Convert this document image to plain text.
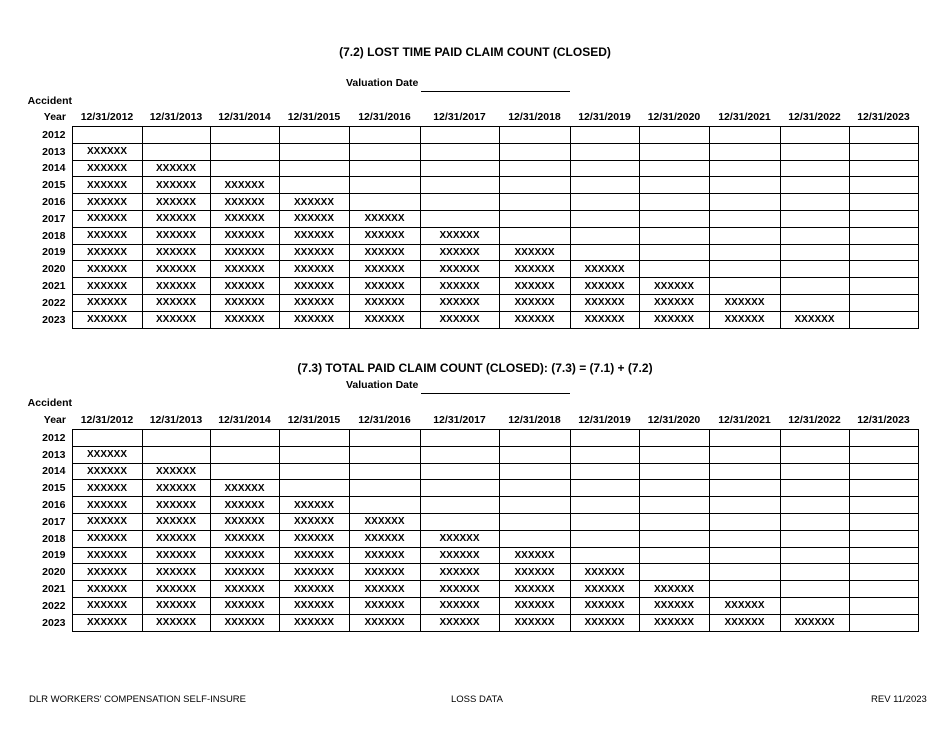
(7.2) LOST TIME PAID CLAIM COUNT (CLOSED)
Valuation Date
Accident
Year	12/31/2012	12/31/2013	12/31/2014	12/31/2015	12/31/2016	12/31/2017	12/31/2018	12/31/2019	12/31/2020	12/31/2021	12/31/2022	12/31/2023
2012												
2013	XXXXXX											
2014	XXXXXX	XXXXXX										
2015	XXXXXX	XXXXXX	XXXXXX									
2016	XXXXXX	XXXXXX	XXXXXX	XXXXXX								
2017	XXXXXX	XXXXXX	XXXXXX	XXXXXX	XXXXXX							
2018	XXXXXX	XXXXXX	XXXXXX	XXXXXX	XXXXXX	XXXXXX						
2019	XXXXXX	XXXXXX	XXXXXX	XXXXXX	XXXXXX	XXXXXX	XXXXXX					
2020	XXXXXX	XXXXXX	XXXXXX	XXXXXX	XXXXXX	XXXXXX	XXXXXX	XXXXXX				
2021	XXXXXX	XXXXXX	XXXXXX	XXXXXX	XXXXXX	XXXXXX	XXXXXX	XXXXXX	XXXXXX			
2022	XXXXXX	XXXXXX	XXXXXX	XXXXXX	XXXXXX	XXXXXX	XXXXXX	XXXXXX	XXXXXX	XXXXXX		
2023	XXXXXX	XXXXXX	XXXXXX	XXXXXX	XXXXXX	XXXXXX	XXXXXX	XXXXXX	XXXXXX	XXXXXX	XXXXXX	
(7.3) TOTAL PAID CLAIM COUNT (CLOSED): (7.3) = (7.1) + (7.2)
Valuation Date
Accident
Year	12/31/2012	12/31/2013	12/31/2014	12/31/2015	12/31/2016	12/31/2017	12/31/2018	12/31/2019	12/31/2020	12/31/2021	12/31/2022	12/31/2023
2012												
2013	XXXXXX											
2014	XXXXXX	XXXXXX										
2015	XXXXXX	XXXXXX	XXXXXX									
2016	XXXXXX	XXXXXX	XXXXXX	XXXXXX								
2017	XXXXXX	XXXXXX	XXXXXX	XXXXXX	XXXXXX							
2018	XXXXXX	XXXXXX	XXXXXX	XXXXXX	XXXXXX	XXXXXX						
2019	XXXXXX	XXXXXX	XXXXXX	XXXXXX	XXXXXX	XXXXXX	XXXXXX					
2020	XXXXXX	XXXXXX	XXXXXX	XXXXXX	XXXXXX	XXXXXX	XXXXXX	XXXXXX				
2021	XXXXXX	XXXXXX	XXXXXX	XXXXXX	XXXXXX	XXXXXX	XXXXXX	XXXXXX	XXXXXX			
2022	XXXXXX	XXXXXX	XXXXXX	XXXXXX	XXXXXX	XXXXXX	XXXXXX	XXXXXX	XXXXXX	XXXXXX		
2023	XXXXXX	XXXXXX	XXXXXX	XXXXXX	XXXXXX	XXXXXX	XXXXXX	XXXXXX	XXXXXX	XXXXXX	XXXXXX	
DLR WORKERS' COMPENSATION SELF-INSURE	LOSS DATA	REV 11/2023
